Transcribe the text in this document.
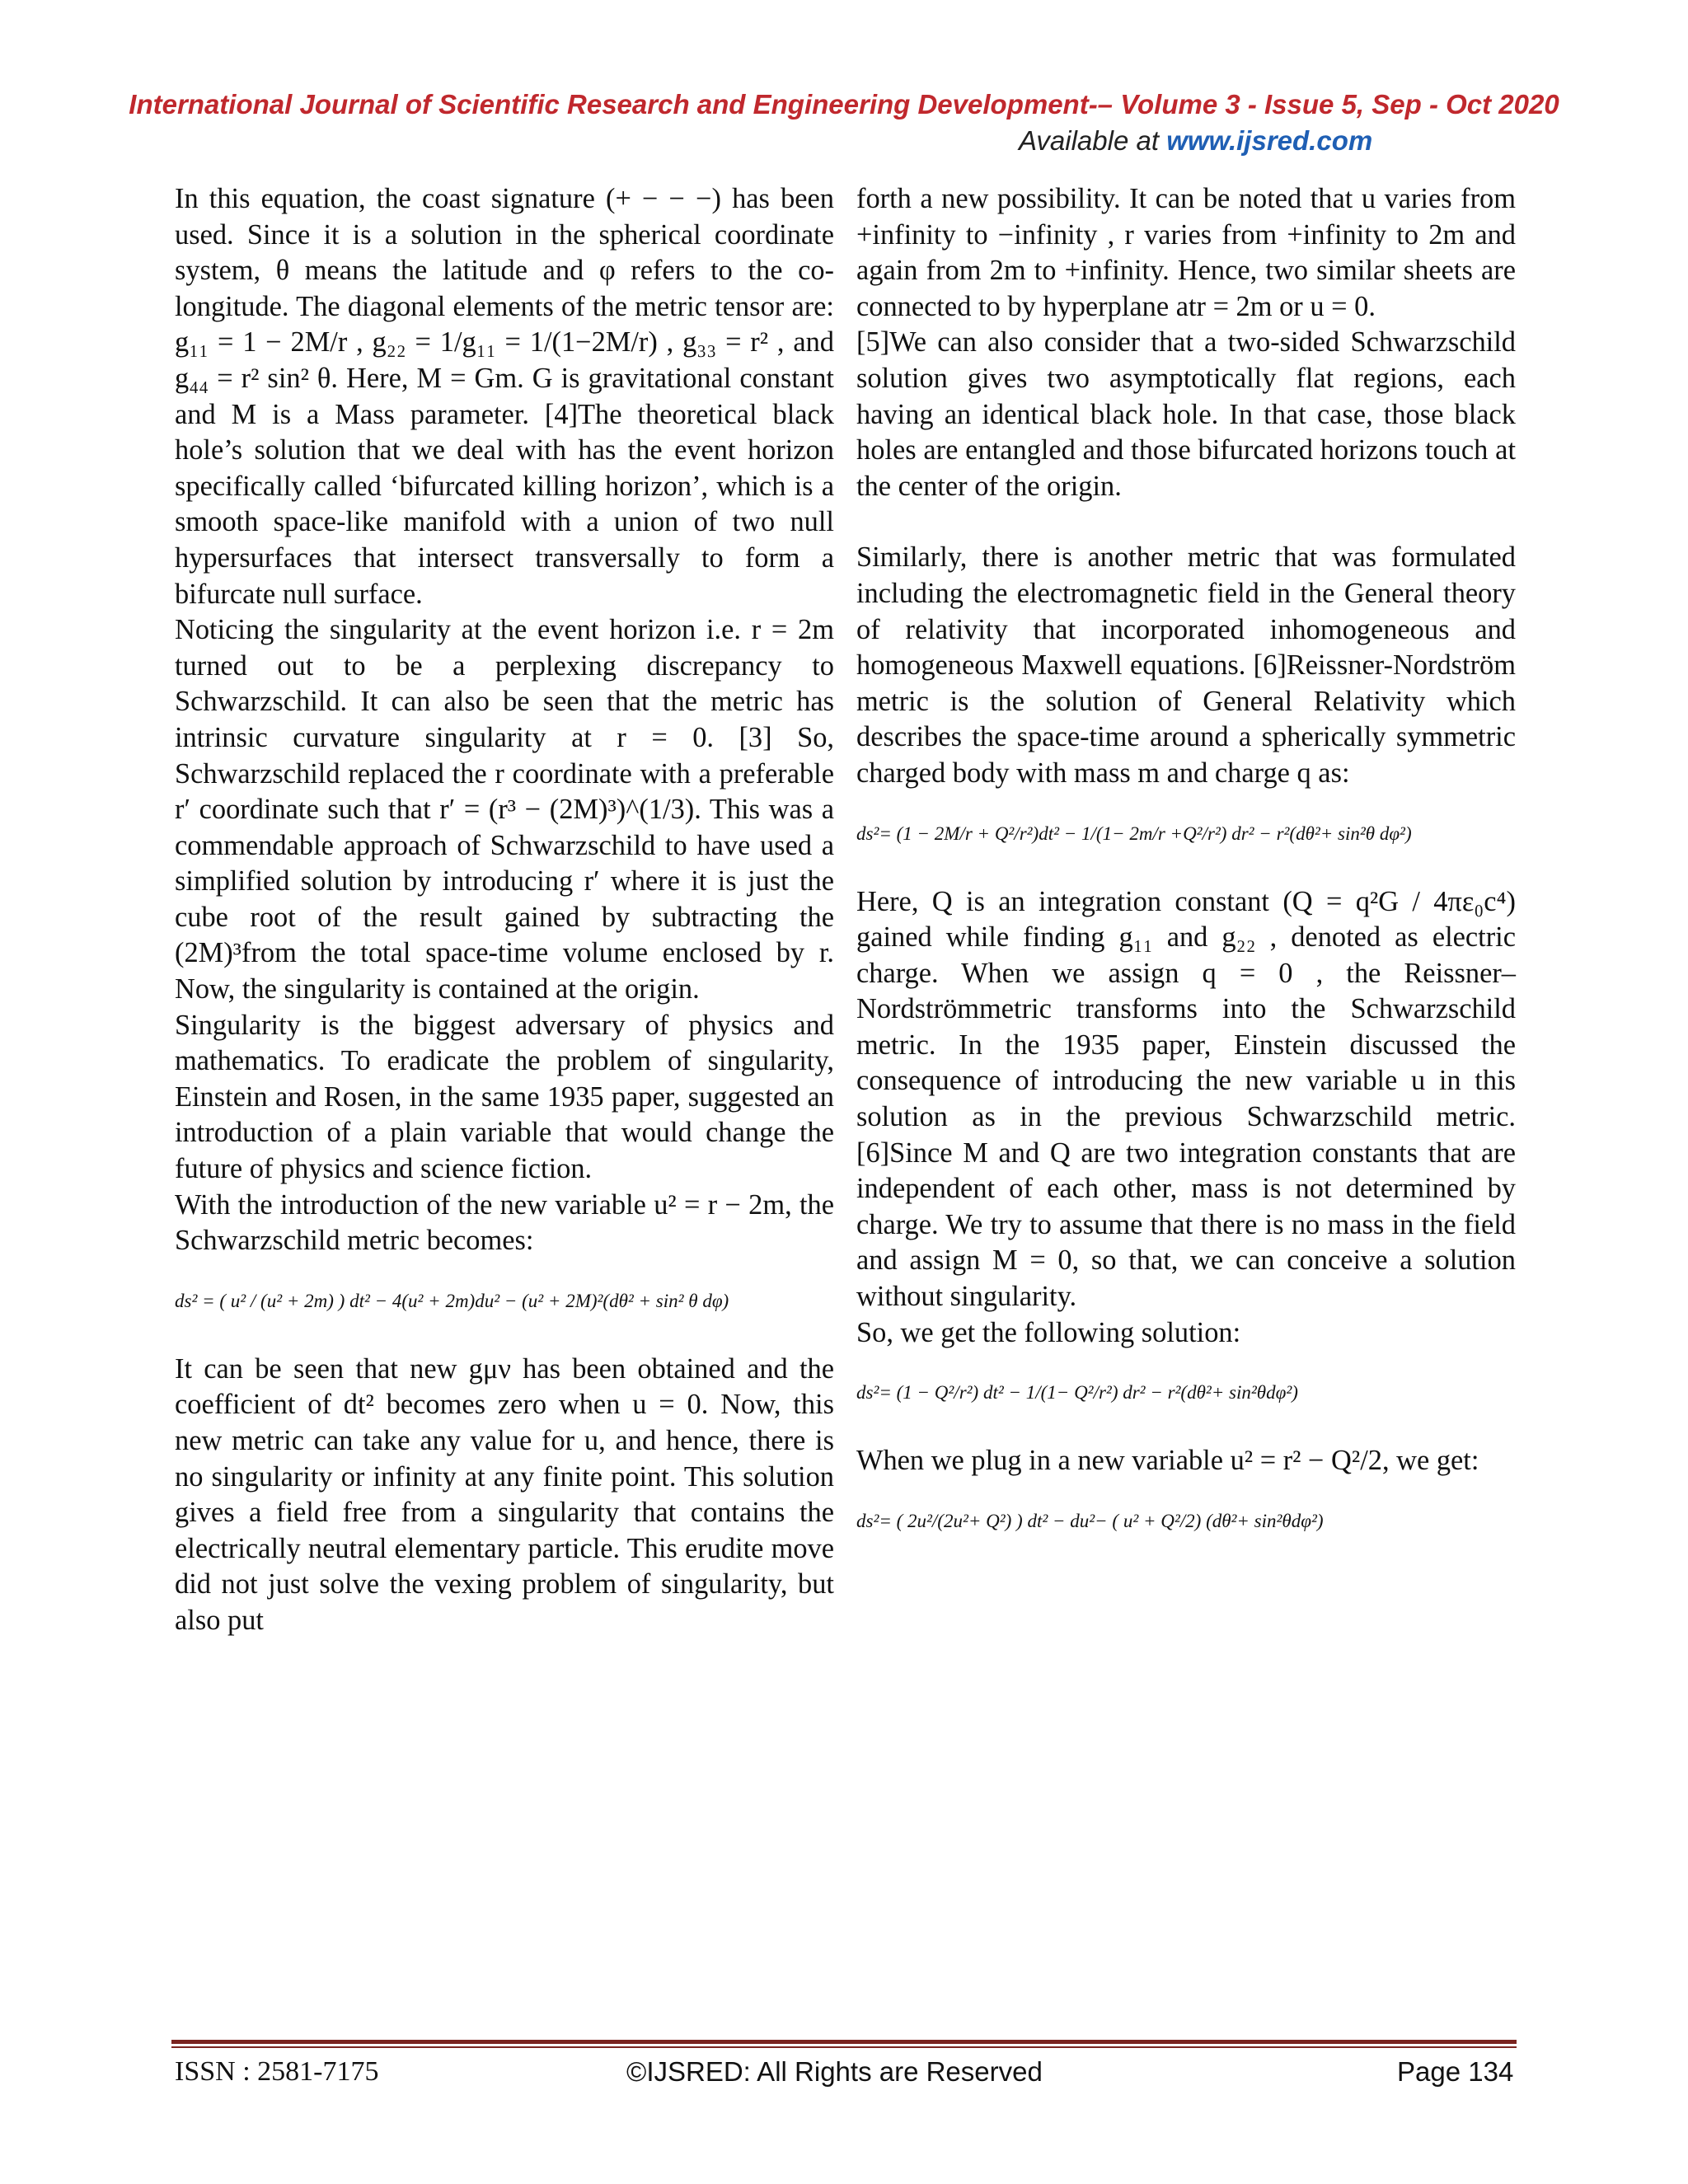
International Journal of Scientific Research and Engineering Development-– Volume 3 - Issue 5, Sep - Oct 2020
Available at www.ijsred.com

In this equation, the coast signature (+ − − −) has been used. Since it is a solution in the spherical coordinate system, θ means the latitude and φ refers to the co-longitude. The diagonal elements of the metric tensor are: g₁₁ = 1 − 2M/r , g₂₂ = 1/g₁₁ = 1/(1−2M/r) , g₃₃ = r² , and g₄₄ = r² sin² θ. Here, M = Gm. G is gravitational constant and M is a Mass parameter. [4]The theoretical black hole’s solution that we deal with has the event horizon specifically called ‘bifurcated killing horizon’, which is a smooth space-like manifold with a union of two null hypersurfaces that intersect transversally to form a bifurcate null surface.

Noticing the singularity at the event horizon i.e. r = 2m turned out to be a perplexing discrepancy to Schwarzschild. It can also be seen that the metric has intrinsic curvature singularity at r = 0. [3] So, Schwarzschild replaced the r coordinate with a preferable r′ coordinate such that r′ = (r³ − (2M)³)^(1/3). This was a commendable approach of Schwarzschild to have used a simplified solution by introducing r′ where it is just the cube root of the result gained by subtracting the (2M)³from the total space-time volume enclosed by r. Now, the singularity is contained at the origin.

Singularity is the biggest adversary of physics and mathematics. To eradicate the problem of singularity, Einstein and Rosen, in the same 1935 paper, suggested an introduction of a plain variable that would change the future of physics and science fiction.

With the introduction of the new variable u² = r − 2m, the Schwarzschild metric becomes:

ds² = ( u² / (u² + 2m) ) dt² − 4(u² + 2m)du² − (u² + 2M)²(dθ² + sin² θ dφ)

It can be seen that new gμν has been obtained and the coefficient of dt² becomes zero when u = 0. Now, this new metric can take any value for u, and hence, there is no singularity or infinity at any finite point. This solution gives a field free from a singularity that contains the electrically neutral elementary particle. This erudite move did not just solve the vexing problem of singularity, but also put

forth a new possibility. It can be noted that u varies from +infinity to −infinity , r varies from +infinity to 2m and again from 2m to +infinity. Hence, two similar sheets are connected to by hyperplane atr = 2m or u = 0.

[5]We can also consider that a two-sided Schwarzschild solution gives two asymptotically flat regions, each having an identical black hole. In that case, those black holes are entangled and those bifurcated horizons touch at the center of the origin.

Similarly, there is another metric that was formulated including the electromagnetic field in the General theory of relativity that incorporated inhomogeneous and homogeneous Maxwell equations. [6]Reissner-Nordström metric is the solution of General Relativity which describes the space-time around a spherically symmetric charged body with mass m and charge q as:

ds²= (1 − 2M/r + Q²/r²)dt² − 1/(1− 2m/r +Q²/r²) dr² − r²(dθ²+ sin²θ dφ²)

Here, Q is an integration constant (Q = q²G / 4πε₀c⁴) gained while finding g₁₁ and g₂₂ , denoted as electric charge. When we assign q = 0 , the Reissner–Nordströmmetric transforms into the Schwarzschild metric. In the 1935 paper, Einstein discussed the consequence of introducing the new variable u in this solution as in the previous Schwarzschild metric. [6]Since M and Q are two integration constants that are independent of each other, mass is not determined by charge. We try to assume that there is no mass in the field and assign M = 0, so that, we can conceive a solution without singularity.

So, we get the following solution:

ds²= (1 − Q²/r²) dt² − 1/(1− Q²/r²) dr² − r²(dθ²+ sin²θdφ²)

When we plug in a new variable u² = r² − Q²/2, we get:

ds²= ( 2u²/(2u²+ Q²) ) dt² − du²− ( u² + Q²/2) (dθ²+ sin²θdφ²)

ISSN : 2581-7175	©IJSRED: All Rights are Reserved	Page 134
